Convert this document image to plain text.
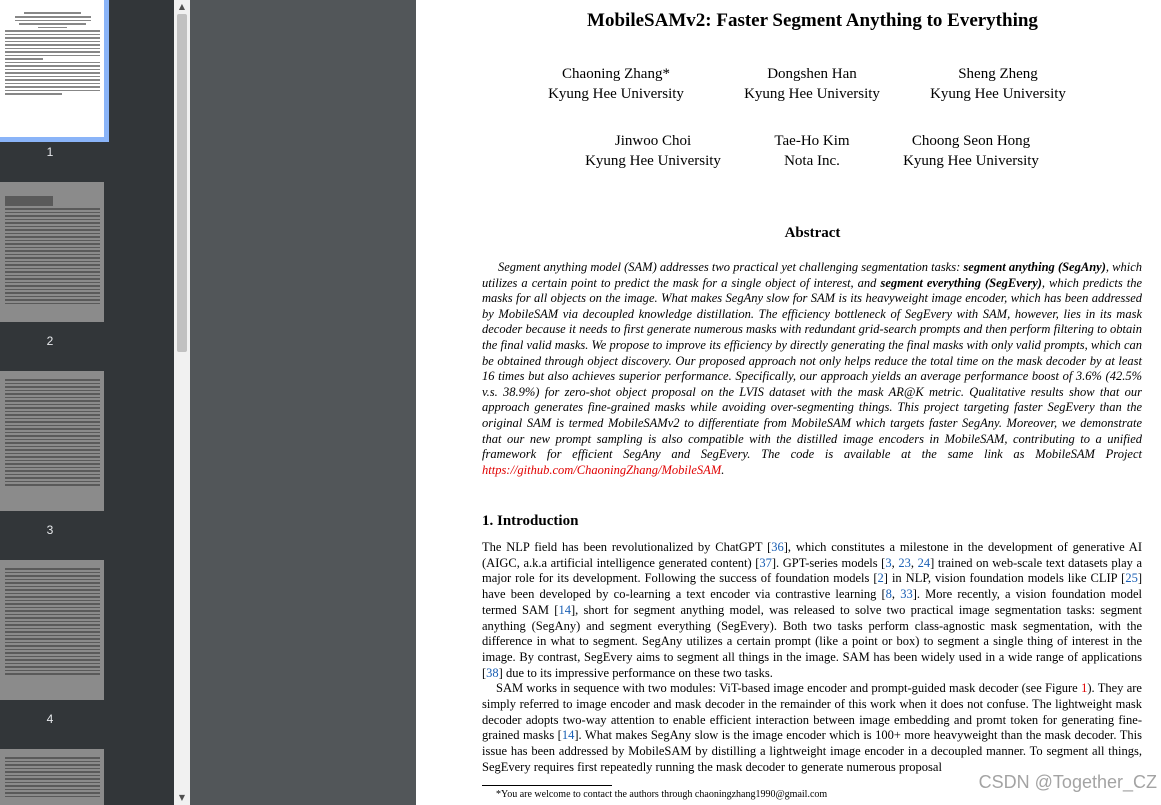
1
2
3
4
▲
▼
MobileSAMv2: Faster Segment Anything to Everything
Chaoning Zhang*
Kyung Hee University
Dongshen Han
Kyung Hee University
Sheng Zheng
Kyung Hee University
Jinwoo Choi
Kyung Hee University
Tae-Ho Kim
Nota Inc.
Choong Seon Hong
Kyung Hee University
Abstract
Segment anything model (SAM) addresses two practical yet challenging segmentation tasks: segment anything (SegAny), which utilizes a certain point to predict the mask for a single object of interest, and segment everything (SegEvery), which predicts the masks for all objects on the image. What makes SegAny slow for SAM is its heavyweight image encoder, which has been addressed by MobileSAM via decoupled knowledge distillation. The efficiency bottleneck of SegEvery with SAM, however, lies in its mask decoder because it needs to first generate numerous masks with redundant grid-search prompts and then perform filtering to obtain the final valid masks. We propose to improve its efficiency by directly generating the final masks with only valid prompts, which can be obtained through object discovery. Our proposed approach not only helps reduce the total time on the mask decoder by at least 16 times but also achieves superior performance. Specifically, our approach yields an average performance boost of 3.6% (42.5% v.s. 38.9%) for zero-shot object proposal on the LVIS dataset with the mask AR@K metric. Qualitative results show that our approach generates fine-grained masks while avoiding over-segmenting things. This project targeting faster SegEvery than the original SAM is termed MobileSAMv2 to differentiate from MobileSAM which targets faster SegAny. Moreover, we demonstrate that our new prompt sampling is also compatible with the distilled image encoders in MobileSAM, contributing to a unified framework for efficient SegAny and SegEvery. The code is available at the same link as MobileSAM Project https://github.com/ChaoningZhang/MobileSAM.
1. Introduction

The NLP field has been revolutionalized by ChatGPT [36], which constitutes a milestone in the development of generative AI (AIGC, a.k.a artificial intelligence generated content) [37]. GPT-series models [3, 23, 24] trained on web-scale text datasets play a major role for its development. Following the success of foundation models [2] in NLP, vision foundation models like CLIP [25] have been developed by co-learning a text encoder via contrastive learning [8, 33]. More recently, a vision foundation model termed SAM [14], short for segment anything model, was released to solve two practical image segmentation tasks: segment anything (SegAny) and segment everything (SegEvery). Both two tasks perform class-agnostic mask segmentation, with the difference in what to segment. SegAny utilizes a certain prompt (like a point or box) to segment a single thing of interest in the image. By contrast, SegEvery aims to segment all things in the image. SAM has been widely used in a wide range of applications [38] due to its impressive performance on these two tasks.

SAM works in sequence with two modules: ViT-based image encoder and prompt-guided mask decoder (see Figure 1). They are simply referred to image encoder and mask decoder in the remainder of this work when it does not confuse. The lightweight mask decoder adopts two-way attention to enable efficient interaction between image embedding and promt token for generating fine-grained masks [14]. What makes SegAny slow is the image encoder which is 100+ more heavyweight than the mask decoder. This issue has been addressed by MobileSAM by distilling a lightweight image encoder in a decoupled manner. To segment all things, SegEvery requires first repeatedly running the mask decoder to generate numerous proposal

*You are welcome to contact the authors through chaoningzhang1990@gmail.com
CSDN @Together_CZ
